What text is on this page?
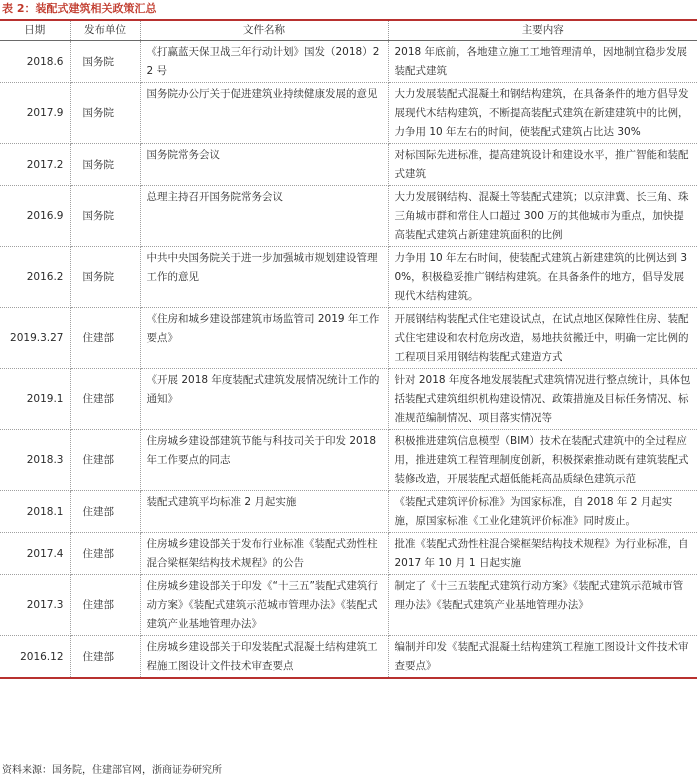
表 2：装配式建筑相关政策汇总
日期	发布单位	文件名称	主要内容
2018.6	国务院	《打赢蓝天保卫战三年行动计划》国发（2018）22 号	2018 年底前，各地建立施工工地管理清单，因地制宜稳步发展装配式建筑
2017.9	国务院	国务院办公厅关于促进建筑业持续健康发展的意见	大力发展装配式混凝土和钢结构建筑，在具备条件的地方倡导发展现代木结构建筑，不断提高装配式建筑在新建建筑中的比例，力争用 10 年左右的时间，使装配式建筑占比达 30%
2017.2	国务院	国务院常务会议	对标国际先进标准，提高建筑设计和建设水平，推广智能和装配式建筑
2016.9	国务院	总理主持召开国务院常务会议	大力发展钢结构、混凝土等装配式建筑；以京津冀、长三角、珠三角城市群和常住人口超过 300 万的其他城市为重点，加快提高装配式建筑占新建建筑面积的比例
2016.2	国务院	中共中央国务院关于进一步加强城市规划建设管理工作的意见	力争用 10 年左右时间，使装配式建筑占新建建筑的比例达到 30%，积极稳妥推广钢结构建筑。在具备条件的地方，倡导发展现代木结构建筑。
2019.3.27	住建部	《住房和城乡建设部建筑市场监管司 2019 年工作要点》	开展钢结构装配式住宅建设试点，在试点地区保障性住房、装配式住宅建设和农村危房改造，易地扶贫搬迁中，明确一定比例的工程项目采用钢结构装配式建造方式
2019.1	住建部	《开展 2018 年度装配式建筑发展情况统计工作的通知》	针对 2018 年度各地发展装配式建筑情况进行整点统计，具体包括装配式建筑组织机构建设情况、政策措施及目标任务情况、标准规范编制情况、项目落实情况等
2018.3	住建部	住房城乡建设部建筑节能与科技司关于印发 2018 年工作要点的同志	积极推进建筑信息模型（BIM）技术在装配式建筑中的全过程应用，推进建筑工程管理制度创新，积极探索推动既有建筑装配式装修改造，开展装配式超低能耗高品质绿色建筑示范
2018.1	住建部	装配式建筑平均标准 2 月起实施	《装配式建筑评价标准》为国家标准，自 2018 年 2 月起实施，原国家标准《工业化建筑评价标准》同时废止。
2017.4	住建部	住房城乡建设部关于发布行业标准《装配式劲性柱混合梁框架结构技术规程》的公告	批准《装配式劲性柱混合梁框架结构技术规程》为行业标准，自 2017 年 10 月 1 日起实施
2017.3	住建部	住房城乡建设部关于印发《“十三五”装配式建筑行动方案》《装配式建筑示范城市管理办法》《装配式建筑产业基地管理办法》	制定了《十三五装配式建筑行动方案》《装配式建筑示范城市管理办法》《装配式建筑产业基地管理办法》
2016.12	住建部	住房城乡建设部关于印发装配式混凝土结构建筑工程施工图设计文件技术审查要点	编制并印发《装配式混凝土结构建筑工程施工图设计文件技术审查要点》
资料来源：国务院，住建部官网，浙商证券研究所
